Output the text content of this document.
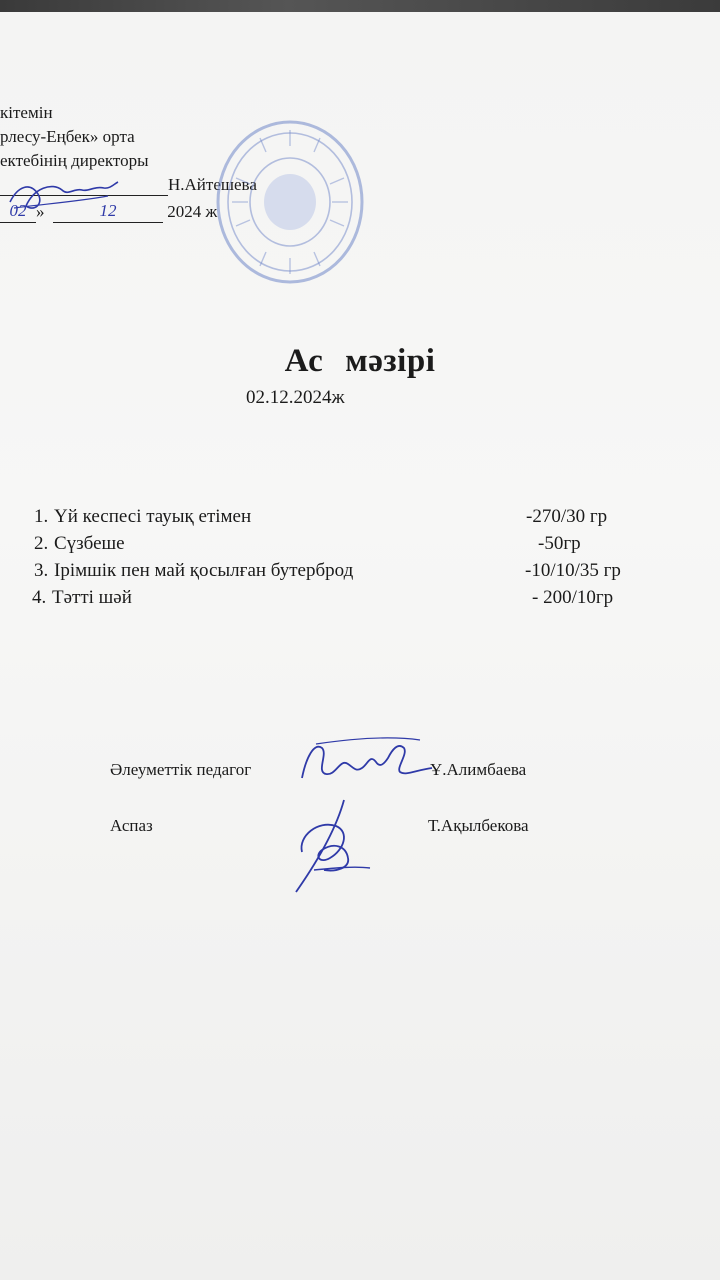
кітемін
рлесу-Еңбек» орта
ектебінің директоры
Н.Айтешева
02 »	12	2024 ж
Ас мәзірі
02.12.2024ж
1. Үй кеспесі тауық етімен	-270/30 гр
2. Сүзбеше	-50гр
3. Ірімшік пен май қосылған бутерброд	-10/10/35 гр
4. Тәтті шәй	- 200/10гр
Әлеуметтік педагог	Ұ.Алимбаева
Аспаз	Т.Ақылбекова
